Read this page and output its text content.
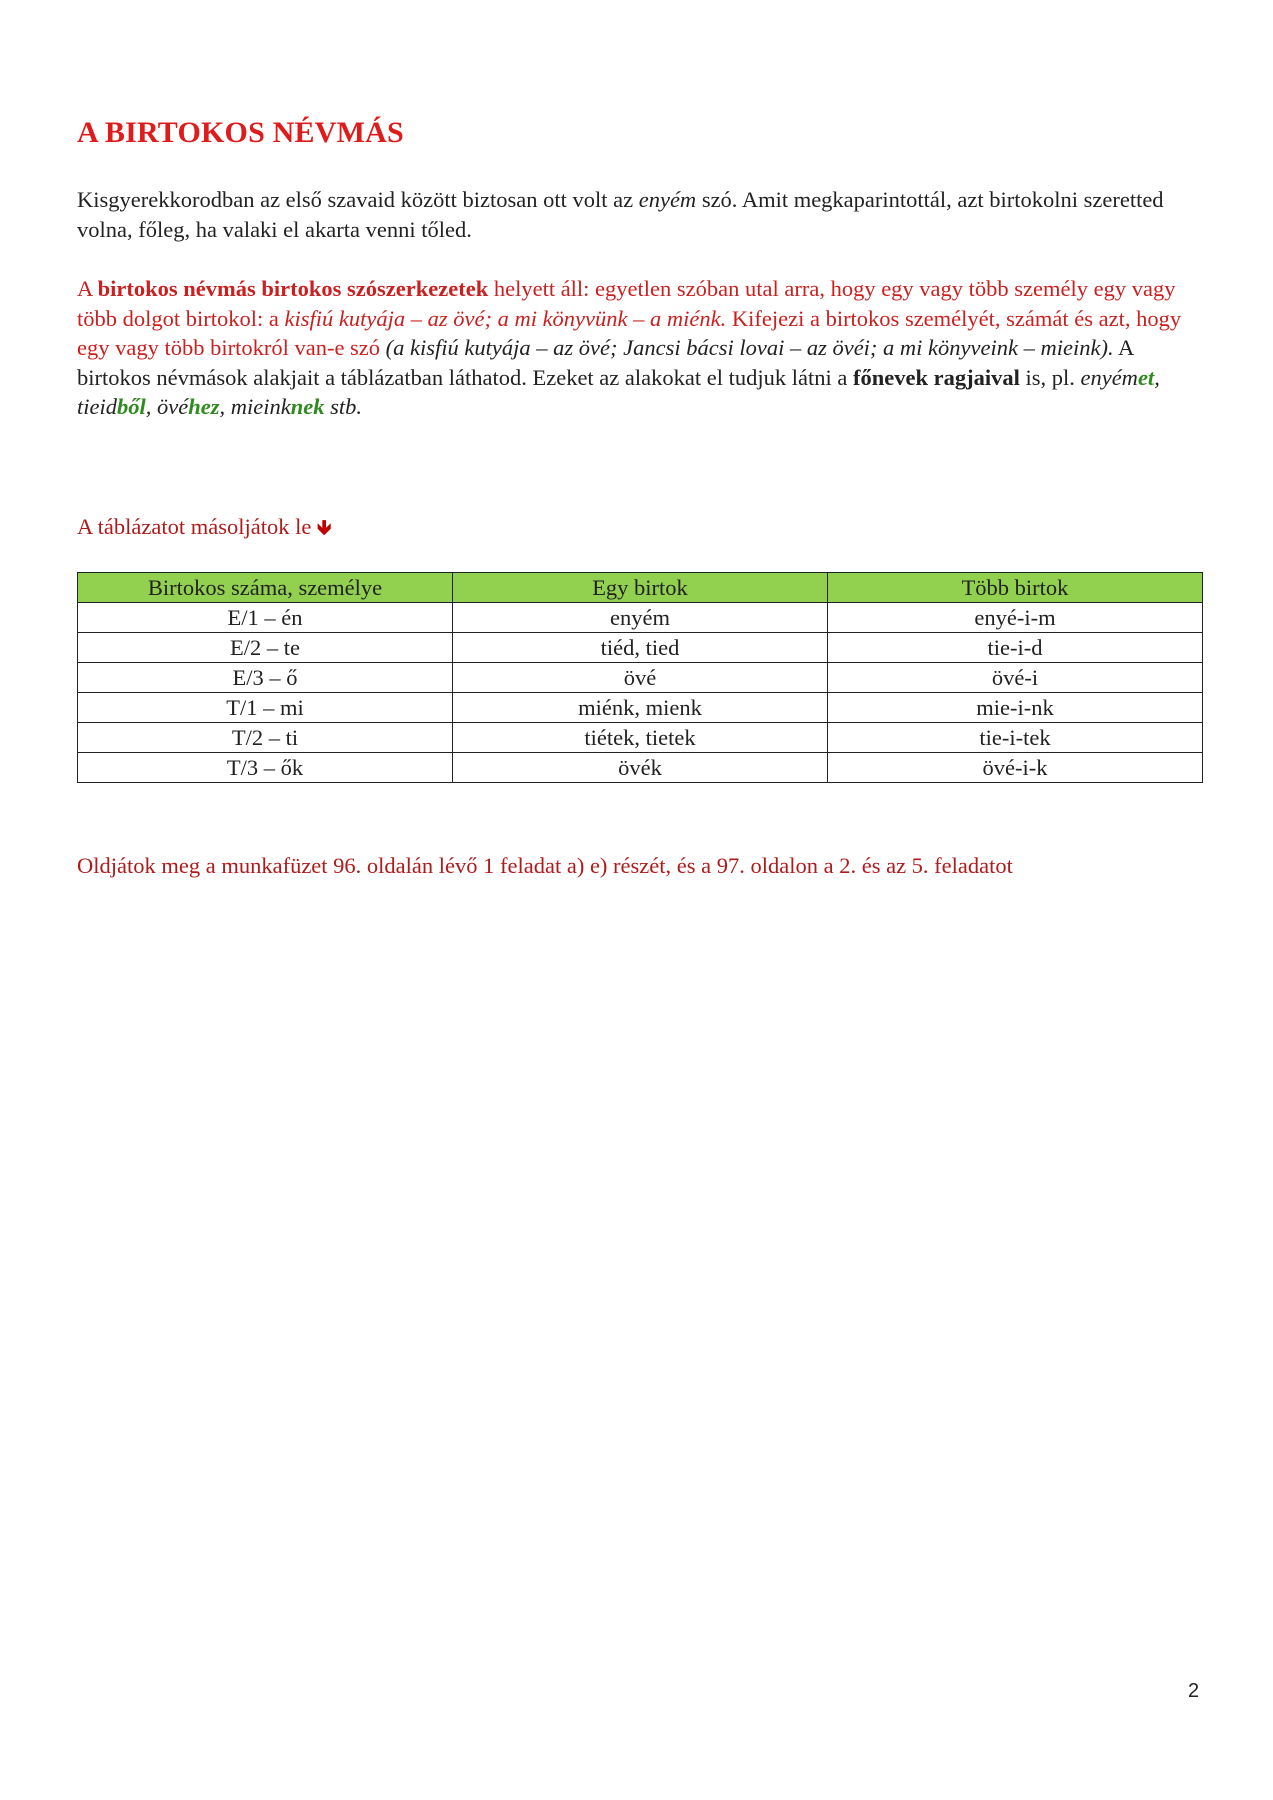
A BIRTOKOS NÉVMÁS

Kisgyerekkorodban az első szavaid között biztosan ott volt az enyém szó. Amit megkaparintottál, azt birtokolni szeretted volna, főleg, ha valaki el akarta venni tőled.

A birtokos névmás birtokos szószerkezetek helyett áll: egyetlen szóban utal arra, hogy egy vagy több személy egy vagy több dolgot birtokol: a kisfiú kutyája – az övé; a mi könyvünk – a miénk. Kifejezi a birtokos személyét, számát és azt, hogy egy vagy több birtokról van-e szó (a kisfiú kutyája – az övé; Jancsi bácsi lovai – az övéi; a mi könyveink – mieink). A birtokos névmások alakjait a táblázatban láthatod. Ezeket az alakokat el tudjuk látni a főnevek ragjaival is, pl. enyémet, tieidből, övéhez, mieinknek stb.

A táblázatot másoljátok le 🡻
Birtokos száma, személye	Egy birtok	Több birtok
E/1 – én	enyém	enyé-i-m
E/2 – te	tiéd, tied	tie-i-d
E/3 – ő	övé	övé-i
T/1 – mi	miénk, mienk	mie-i-nk
T/2 – ti	tiétek, tietek	tie-i-tek
T/3 – ők	övék	övé-i-k
Oldjátok meg a munkafüzet 96. oldalán lévő 1 feladat a) e) részét, és a 97. oldalon a 2. és az 5. feladatot
2
